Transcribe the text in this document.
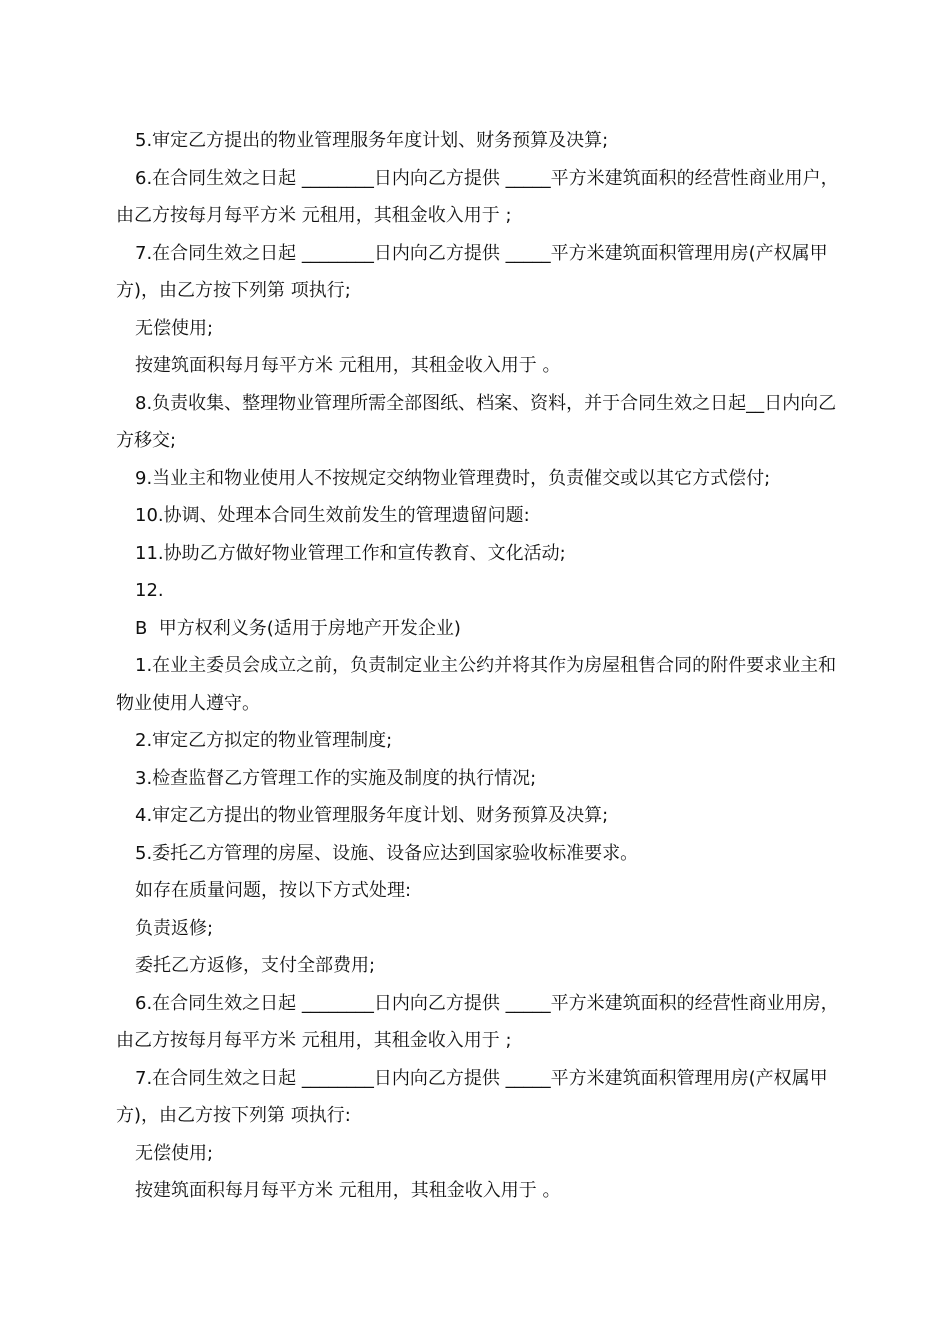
5.审定乙方提出的物业管理服务年度计划、财务预算及决算;

6.在合同生效之日起 ________日内向乙方提供 _____平方米建筑面积的经营性商业用户，由乙方按每月每平方米 元租用，其租金收入用于 ;

7.在合同生效之日起 ________日内向乙方提供 _____平方米建筑面积管理用房(产权属甲方)，由乙方按下列第 项执行;

无偿使用;

按建筑面积每月每平方米 元租用，其租金收入用于 。

8.负责收集、整理物业管理所需全部图纸、档案、资料，并于合同生效之日起__日内向乙方移交;

9.当业主和物业使用人不按规定交纳物业管理费时，负责催交或以其它方式偿付;

10.协调、处理本合同生效前发生的管理遗留问题:

11.协助乙方做好物业管理工作和宣传教育、文化活动;

12.

B  甲方权利义务(适用于房地产开发企业)

1.在业主委员会成立之前，负责制定业主公约并将其作为房屋租售合同的附件要求业主和物业使用人遵守。

2.审定乙方拟定的物业管理制度;

3.检查监督乙方管理工作的实施及制度的执行情况;

4.审定乙方提出的物业管理服务年度计划、财务预算及决算;

5.委托乙方管理的房屋、设施、设备应达到国家验收标准要求。

如存在质量问题，按以下方式处理:

负责返修;

委托乙方返修，支付全部费用;

6.在合同生效之日起 ________日内向乙方提供 _____平方米建筑面积的经营性商业用房，由乙方按每月每平方米 元租用，其租金收入用于 ;

7.在合同生效之日起 ________日内向乙方提供 _____平方米建筑面积管理用房(产权属甲方)，由乙方按下列第 项执行:

无偿使用;

按建筑面积每月每平方米 元租用，其租金收入用于 。
